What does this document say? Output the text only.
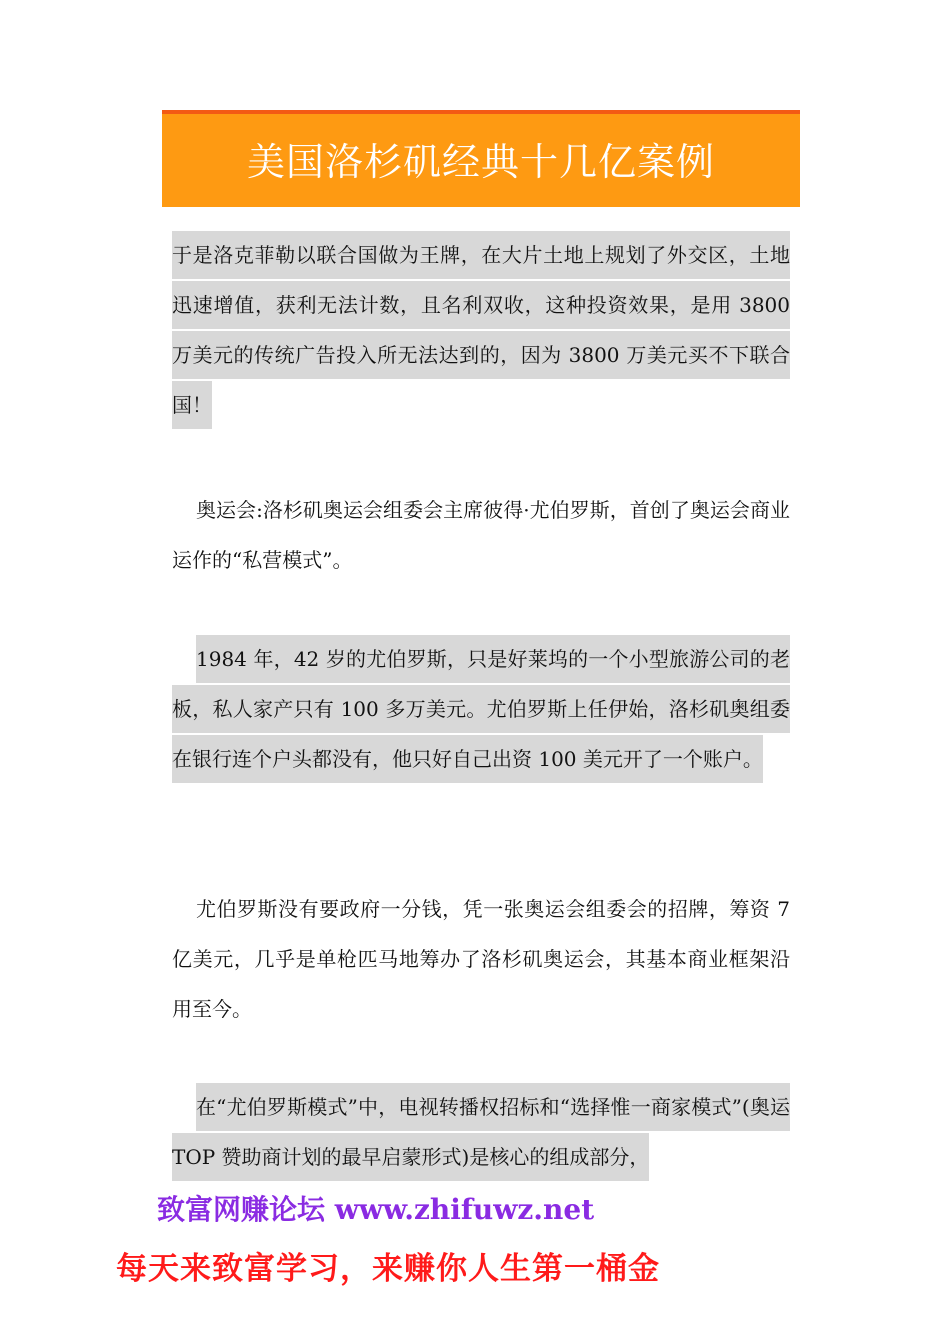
美国洛杉矶经典十几亿案例
于是洛克菲勒以联合国做为王牌，在大片土地上规划了外交区，土地迅速增值，获利无法计数，且名利双收，这种投资效果，是用 3800 万美元的传统广告投入所无法达到的，因为 3800 万美元买不下联合国！
奥运会:洛杉矶奥运会组委会主席彼得·尤伯罗斯，首创了奥运会商业运作的“私营模式”。
1984 年，42 岁的尤伯罗斯，只是好莱坞的一个小型旅游公司的老板，私人家产只有 100 多万美元。尤伯罗斯上任伊始，洛杉矶奥组委在银行连个户头都没有，他只好自己出资 100 美元开了一个账户。
尤伯罗斯没有要政府一分钱，凭一张奥运会组委会的招牌，筹资 7 亿美元，几乎是单枪匹马地筹办了洛杉矶奥运会，其基本商业框架沿用至今。
在“尤伯罗斯模式”中，电视转播权招标和“选择惟一商家模式”(奥运 TOP 赞助商计划的最早启蒙形式)是核心的组成部分，
致富网赚论坛 www.zhifuwz.net
每天来致富学习，来赚你人生第一桶金
